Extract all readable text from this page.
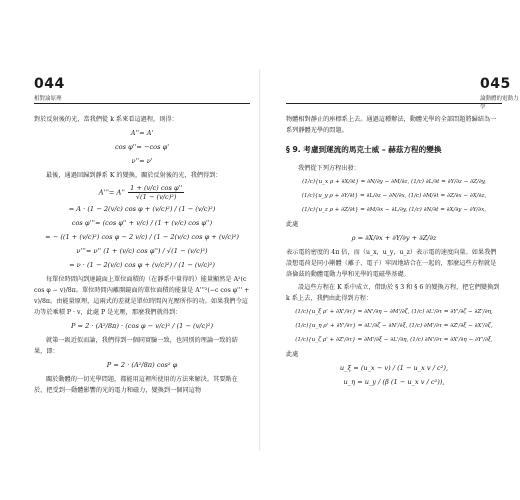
044
相對論原理

對於反射後的光，當我們從 k 系來看這過程，則得：

A''= A'
cos φ''= −cos φ'
ν''= ν'

最後，通過回歸到靜系 K 的變換，關於反射後的光，我們得到：

$A'''= A'' \frac{\text{1 + (v/c) cos φ''}}{\text{√(1 − (v/c)²)}}$
= A · (1 − 2(v/c) cos φ + (v/c)²) / (1 − (v/c)²)
cos φ'''= (cos φ'' + v/c) / (1 + (v/c) cos φ'')
= − ((1 + (v/c)²) cos φ − 2 v/c) / (1 − 2(v/c) cos φ + (v/c)²)
ν'''= ν'' (1 + (v/c) cos φ'') / √(1 − (v/c)²)
= ν · (1 − 2(v/c) cos φ + (v/c)²) / (1 − (v/c)²)

每單位時間內到達鏡面上單位面積的（在靜系中量得的）能量顯然是 A²(c cos φ − v)/8π。單位時間內離開鏡面的單位面積的能量是 A'''²(−c cos φ''' + v)/8π。由能量原理，這兩式的差就是單位時間內光壓所作的功。如果我們令這功等於乘積 P · v，此處 P 是光壓，那麼我們就得到：

P = 2 · (A²/8π) · (cos φ − v/c)² / (1 − (v/c)²)

就第一級近似而論，我們得到一個同實驗一致，也同別的理論一致的結果，即：

P = 2 · (A²/8π) cos² φ

關於動體的一切光學問題，都能用這裡所使用的方法來解決。其要點在於，把受到一動體影響的光的電力和磁力，變換到一個同這物

045
論動體的電動力學

物體相對靜止的座標系上去。通過這種辦法，動體光學的全部問題將歸結為一系列靜體光學的問題。

§ 9. 考慮到運流的馬克士威 – 赫茲方程的變換

我們從下列方程出發：

(1/c){u_x ρ + ∂X/∂t} = ∂N/∂y − ∂M/∂z, (1/c) ∂L/∂t = ∂Y/∂z − ∂Z/∂y,
(1/c){u_y ρ + ∂Y/∂t} = ∂L/∂z − ∂N/∂x, (1/c) ∂M/∂t = ∂Z/∂x − ∂X/∂z,
(1/c){u_z ρ + ∂Z/∂t} = ∂M/∂x − ∂L/∂y, (1/c) ∂N/∂t = ∂X/∂y − ∂Y/∂x,

此處

ρ = ∂X/∂x + ∂Y/∂y + ∂Z/∂z

表示電的密度的 4π 倍，而（u_x，u_y，u_z）表示電的速度向量。如果我們設想電荷是同小剛體（離子、電子）牢固地結合在一起的，那麼這些方程就是洛倫茲的動體電動力學和光學的電磁學基礎。

設這些方程在 K 系中成立，借助於 § 3 和 § 6 的變換方程，把它們變換到 k 系上去，我們由此得到方程：

(1/c){u_ξ ρ' + ∂X'/∂τ} = ∂N'/∂η − ∂M'/∂ζ, (1/c) ∂L'/∂τ = ∂Y'/∂ζ − ∂Z'/∂η,
(1/c){u_η ρ' + ∂Y'/∂τ} = ∂L'/∂ζ − ∂N'/∂ξ, (1/c) ∂M'/∂τ = ∂Z'/∂ξ − ∂X'/∂ζ,
(1/c){u_ζ ρ' + ∂Z'/∂τ} = ∂M'/∂ξ − ∂L'/∂η, (1/c) ∂N'/∂τ = ∂X'/∂η − ∂Y'/∂ξ,

此處

u_ξ = (u_x − v) / (1 − u_x v / c²),
u_η = u_y / (β (1 − u_x v / c²)),
